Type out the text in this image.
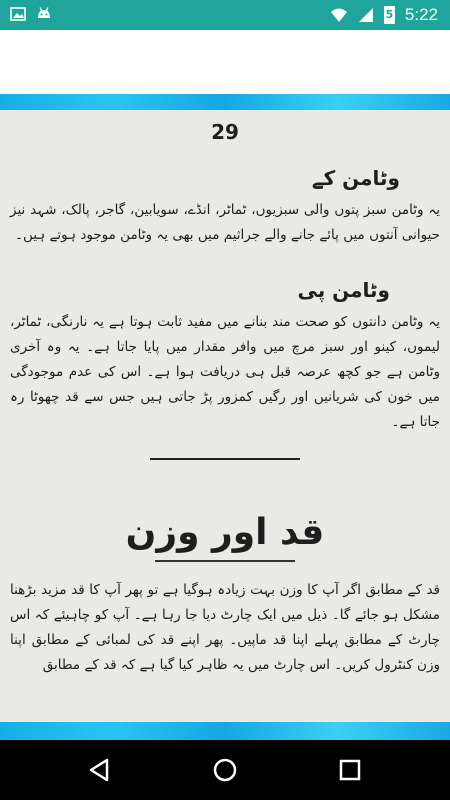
5 5:22
29
وٹامن کے
یہ وٹامن سبز پتوں والی سبزیوں، ٹماٹر، انڈے، سویابین، گاجر، پالک، شہد نیز حیوانی آنتوں میں پائے جانے والے جراثیم میں بھی یہ وٹامن موجود ہوتے ہیں۔
وٹامن پی
یہ وٹامن دانتوں کو صحت مند بنانے میں مفید ثابت ہوتا ہے یہ نارنگی، ٹماٹر، لیموں، کینو اور سبز مرچ میں وافر مقدار میں پایا جاتا ہے۔ یہ وہ آخری وٹامن ہے جو کچھ عرصہ قبل ہی دریافت ہوا ہے۔ اس کی عدم موجودگی میں خون کی شریانیں اور رگیں کمزور پڑ جاتی ہیں جس سے قد چھوٹا رہ جاتا ہے۔
قد اور وزن
قد کے مطابق اگر آپ کا وزن بہت زیادہ ہوگیا ہے تو پھر آپ کا قد مزید بڑھنا مشکل ہو جائے گا۔ ذیل میں ایک چارٹ دیا جا رہا ہے۔ آپ کو چاہیئے کہ اس چارٹ کے مطابق پہلے اپنا قد ماپیں۔ پھر اپنے قد کی لمبائی کے مطابق اپنا وزن کنٹرول کریں۔ اس چارٹ میں یہ ظاہر کیا گیا ہے کہ قد کے مطابق
